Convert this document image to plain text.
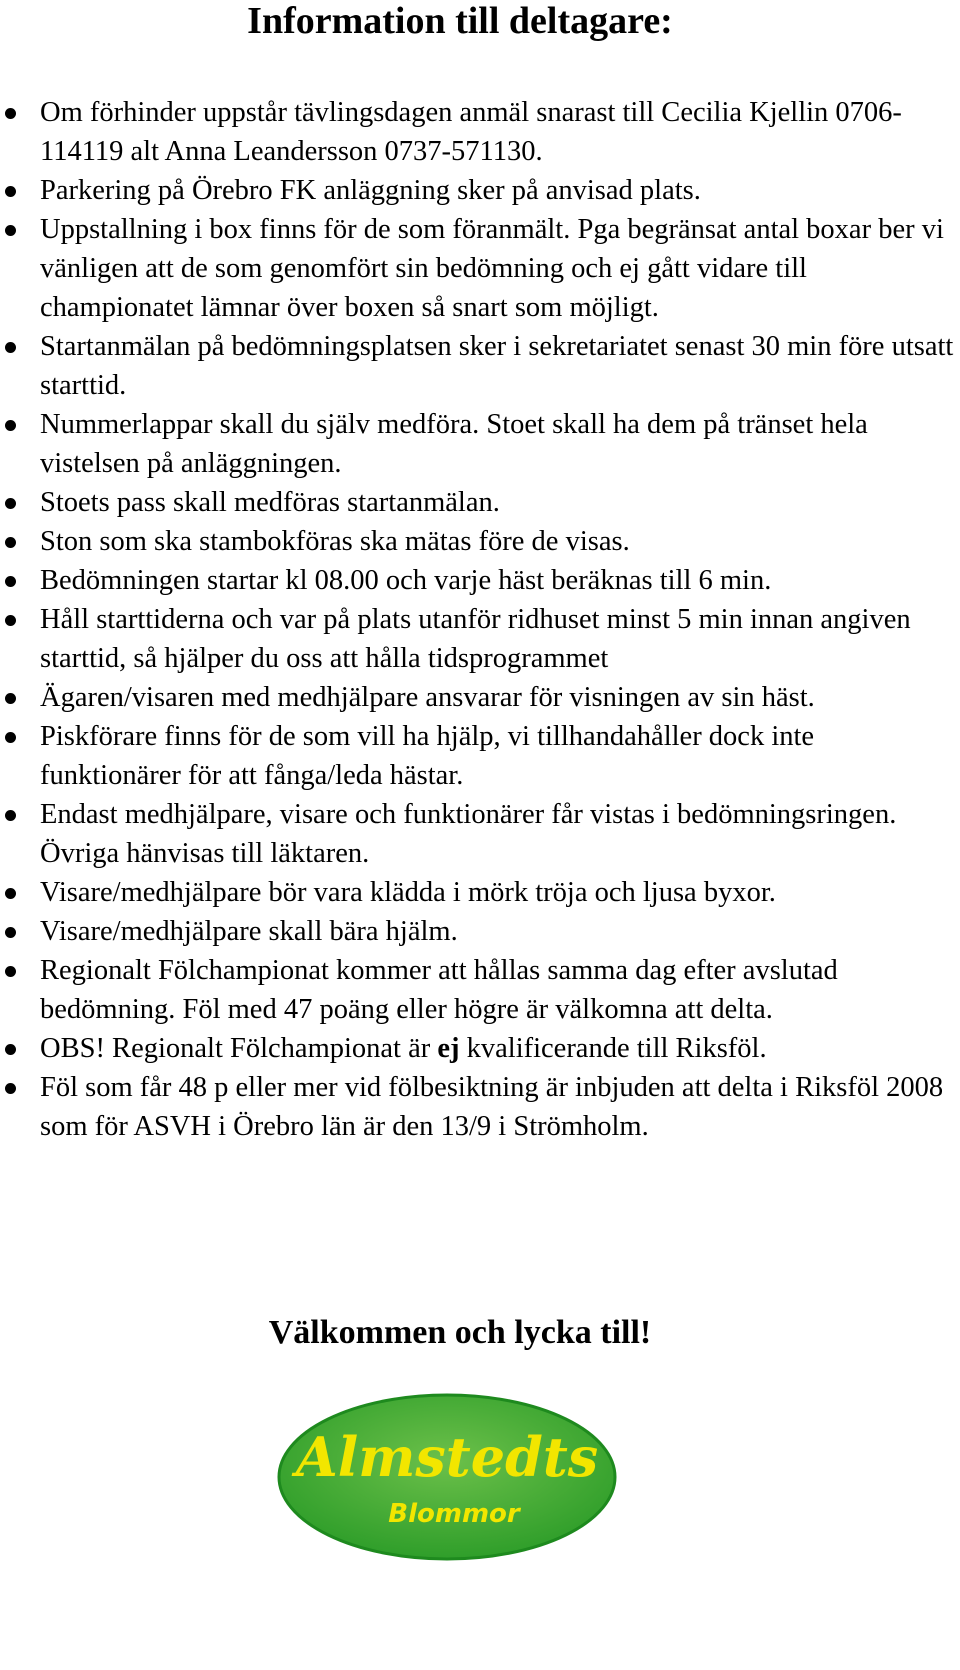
Information till deltagare:
Om förhinder uppstår tävlingsdagen anmäl snarast till Cecilia Kjellin 0706-114119 alt Anna Leandersson 0737-571130.
Parkering på Örebro FK anläggning sker på anvisad plats.
Uppstallning i box finns för de som föranmält. Pga begränsat antal boxar ber vi vänligen att de som genomfört sin bedömning och ej gått vidare till championatet lämnar över boxen så snart som möjligt.
Startanmälan på bedömningsplatsen sker i sekretariatet senast 30 min före utsatt starttid.
Nummerlappar skall du själv medföra. Stoet skall ha dem på tränset hela vistelsen på anläggningen.
Stoets pass skall medföras startanmälan.
Ston som ska stambokföras ska mätas före de visas.
Bedömningen startar kl 08.00 och varje häst beräknas till 6 min.
Håll starttiderna och var på plats utanför ridhuset minst 5 min innan angiven starttid, så hjälper du oss att hålla tidsprogrammet
Ägaren/visaren med medhjälpare ansvarar för visningen av sin häst.
Piskförare finns för de som vill ha hjälp, vi tillhandahåller dock inte funktionärer för att fånga/leda hästar.
Endast medhjälpare, visare och funktionärer får vistas i bedömningsringen. Övriga hänvisas till läktaren.
Visare/medhjälpare bör vara klädda i mörk tröja och ljusa byxor.
Visare/medhjälpare skall bära hjälm.
Regionalt Fölchampionat kommer att hållas samma dag efter avslutad bedömning. Föl med 47 poäng eller högre är välkomna att delta.
OBS! Regionalt Fölchampionat är ej kvalificerande till Riksföl.
Föl som får 48 p eller mer vid fölbesiktning är inbjuden att delta i Riksföl 2008 som för ASVH i Örebro län är den 13/9 i Strömholm.
Välkommen och lycka till!
Almstedts
Blommor
